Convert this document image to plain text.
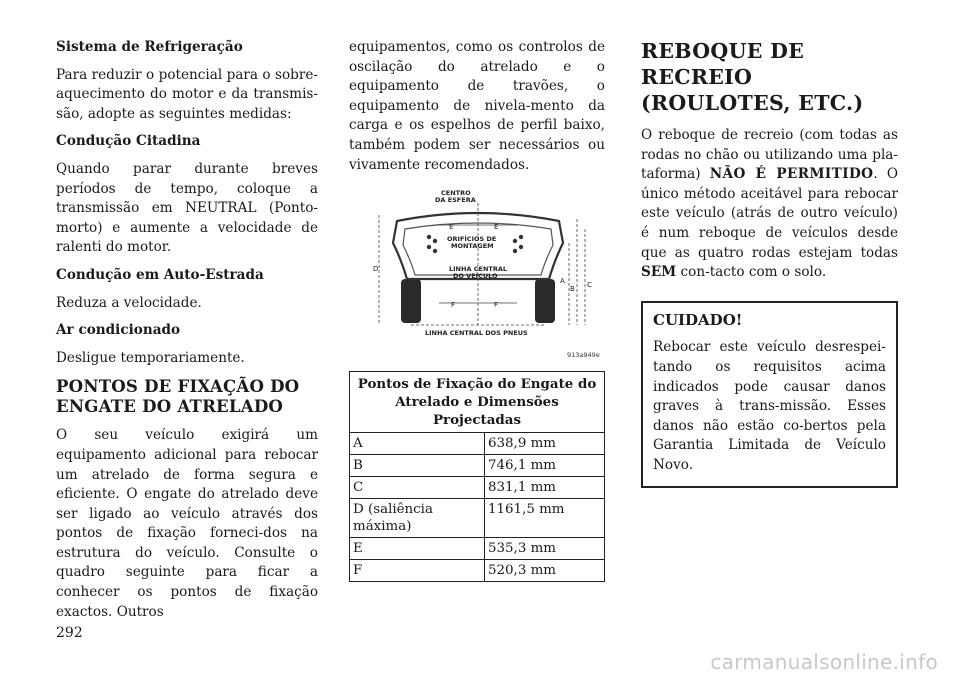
Sistema de Refrigeração

Para reduzir o potencial para o sobre-aquecimento do motor e da transmis-são, adopte as seguintes medidas:

Condução Citadina

Quando parar durante breves períodos de tempo, coloque a transmissão em NEUTRAL (Ponto-morto) e aumente a velocidade de ralenti do motor.

Condução em Auto-Estrada

Reduza a velocidade.

Ar condicionado

Desligue temporariamente.

PONTOS DE FIXAÇÃO DO ENGATE DO ATRELADO

O seu veículo exigirá um equipamento adicional para rebocar um atrelado de forma segura e eficiente. O engate do atrelado deve ser ligado ao veículo através dos pontos de fixação forneci-dos na estrutura do veículo. Consulte o quadro seguinte para ficar a conhecer os pontos de fixação exactos. Outros

equipamentos, como os controlos de oscilação do atrelado e o equipamento de travões, o equipamento de nivela-mento da carga e os espelhos de perfil baixo, também podem ser necessários ou vivamente recomendados.

CENTRO
DA ESFERA
ORIFÍCIOS DE
MONTAGEM
LINHA CENTRAL
DO VEÍCULO
LINHA CENTRAL DOS PNEUS
D
E	E
F	F
A
B C
913a949e
Pontos de Fixação do Engate do Atrelado e Dimensões Projectadas	
A	638,9 mm
B	746,1 mm
C	831,1 mm
D (saliência máxima)	1161,5 mm
E	535,3 mm
F	520,3 mm
REBOQUE DE RECREIO (ROULOTES, ETC.)

O reboque de recreio (com todas as rodas no chão ou utilizando uma pla-taforma) NÃO É PERMITIDO. O único método aceitável para rebocar este veículo (atrás de outro veículo) é num reboque de veículos desde que as quatro rodas estejam todas SEM con-tacto com o solo.

CUIDADO!

Rebocar este veículo desrespei-tando os requisitos acima indicados pode causar danos graves à trans-missão. Esses danos não estão co-bertos pela Garantia Limitada de Veículo Novo.

292
carmanualsonline.info
